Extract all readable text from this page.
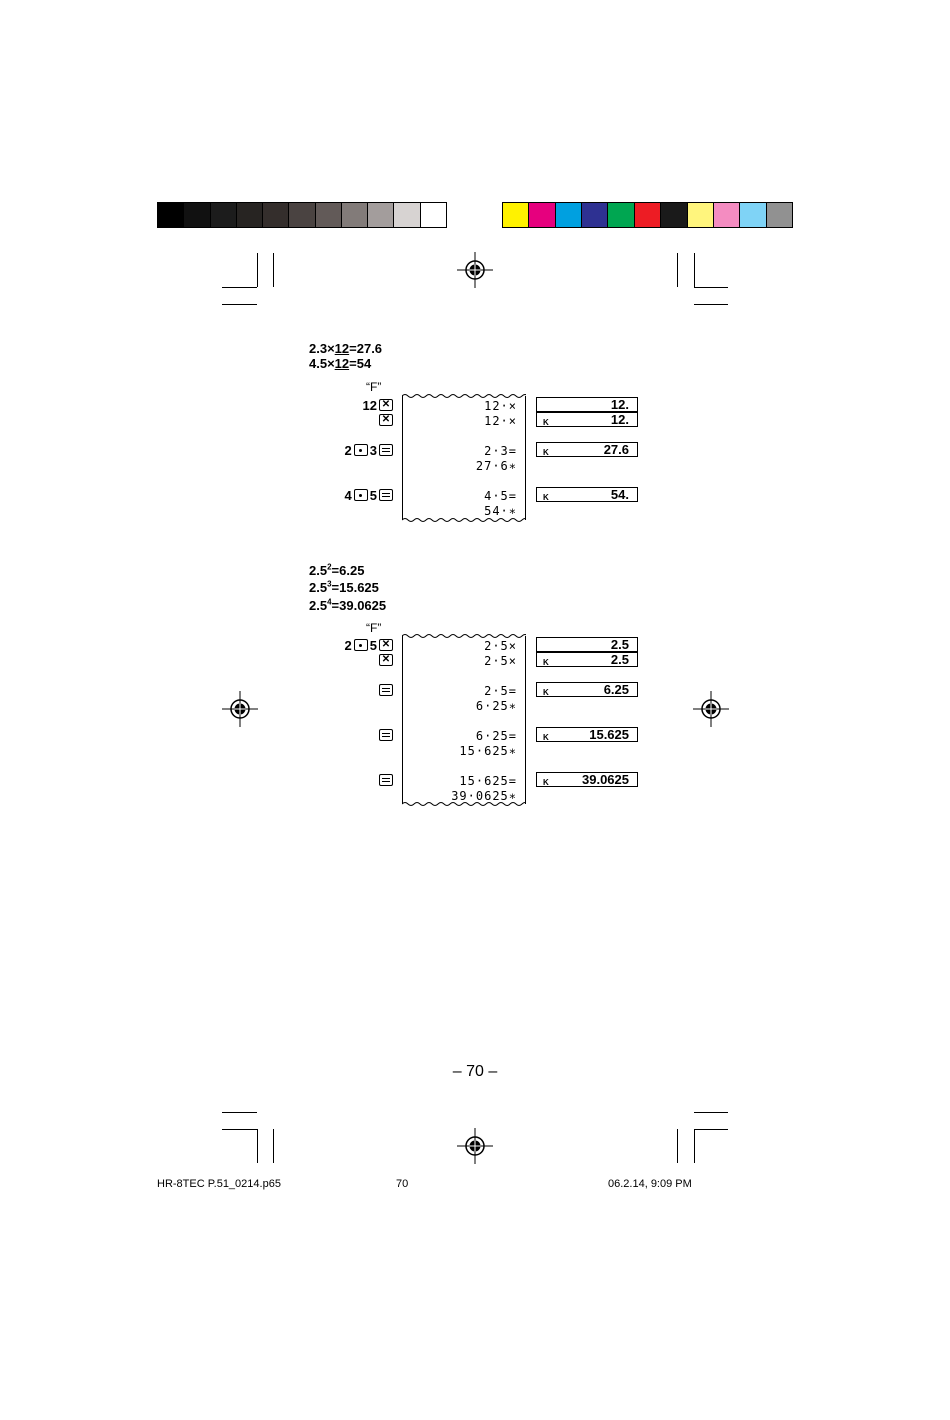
2.3×12=27.6
4.5×12=54
“F”
12
✕
✕
2 3
4 5
12·×
12·×
2·3=
27·6∗
4·5=
54·∗
12.
K	12.
K	27.6
K	54.
$2.5^2=6.25$
$2.5^3=15.625$
$2.5^4=39.0625$
“F”
2 5
✕
✕	2·5×
2·5×
2·5=
6·25∗
6·25=
15·625∗
15·625=
39·0625∗
2.5
K	2.5
K	6.25
K	15.625
K	39.0625
– 70 –
HR-8TEC P.51_0214.p65	70	06.2.14, 9:09 PM
